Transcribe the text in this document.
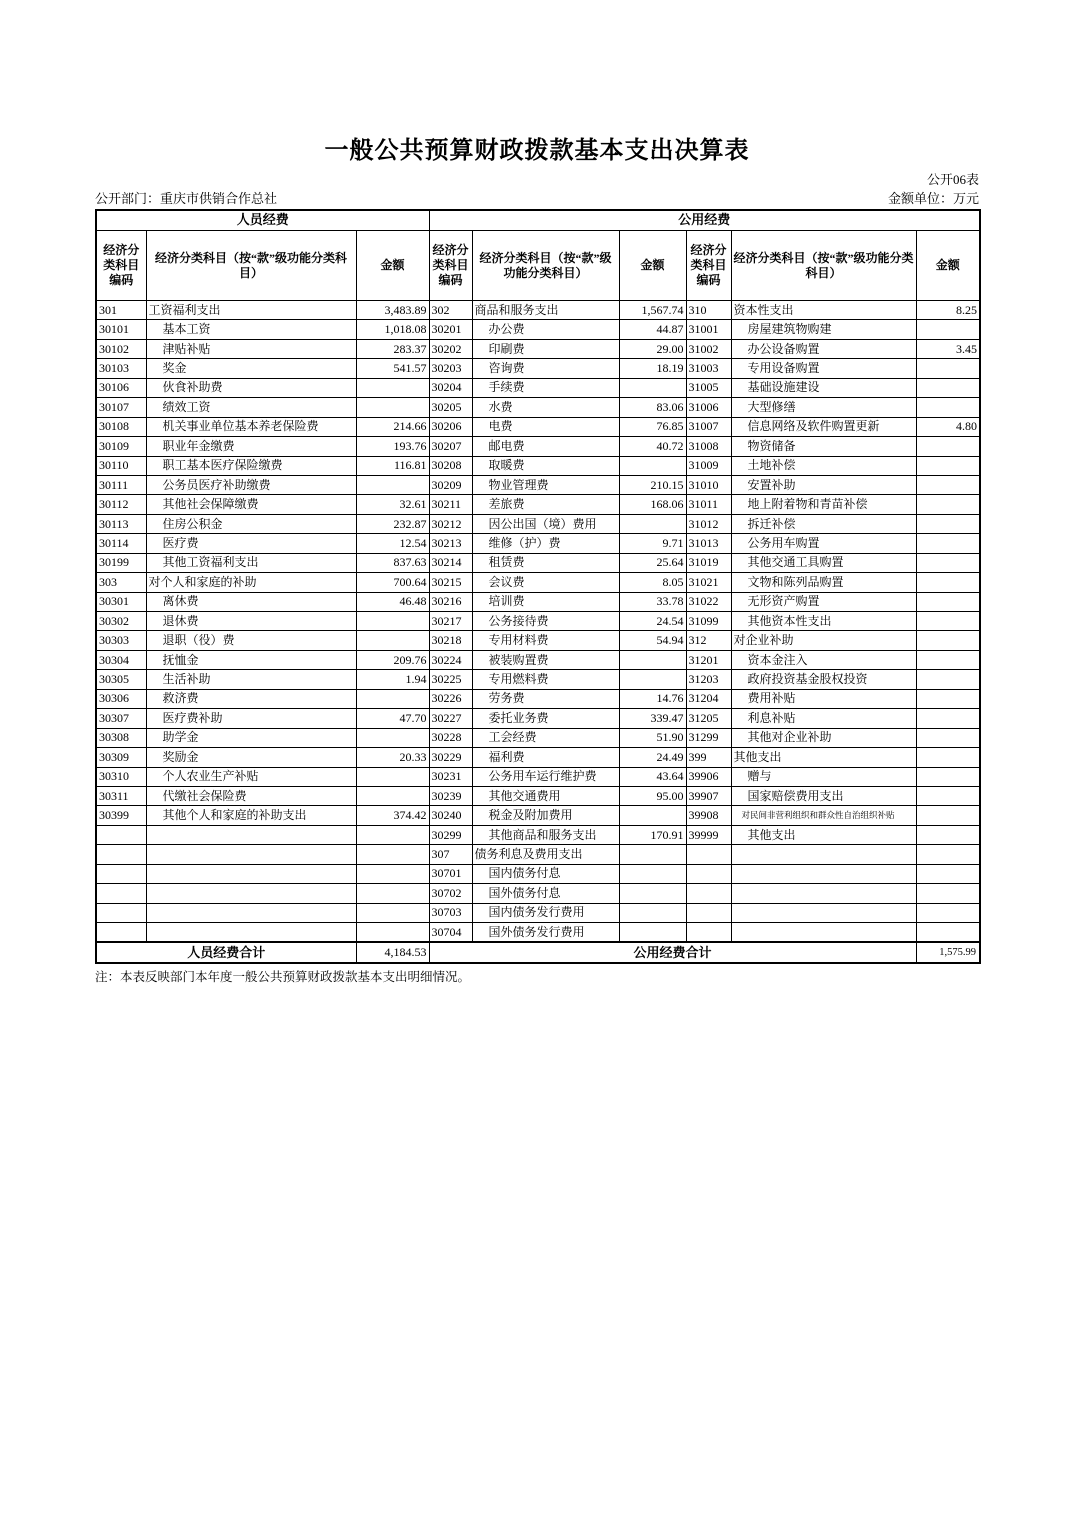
一般公共预算财政拨款基本支出决算表
公开06表
公开部门：重庆市供销合作总社	金额单位：万元
人员经费			公用经费					
经济分类科目编码	经济分类科目（按“款”级功能分类科目）	金额	经济分类科目编码	经济分类科目（按“款”级功能分类科目）	金额	经济分类科目编码	经济分类科目（按“款”级功能分类科目）	金额
301	工资福利支出	3,483.89	302	商品和服务支出	1,567.74	310	资本性支出	8.25
30101	基本工资	1,018.08	30201	办公费	44.87	31001	房屋建筑物购建	
30102	津贴补贴	283.37	30202	印刷费	29.00	31002	办公设备购置	3.45
30103	奖金	541.57	30203	咨询费	18.19	31003	专用设备购置	
30106	伙食补助费		30204	手续费		31005	基础设施建设	
30107	绩效工资		30205	水费	83.06	31006	大型修缮	
30108	机关事业单位基本养老保险费	214.66	30206	电费	76.85	31007	信息网络及软件购置更新	4.80
30109	职业年金缴费	193.76	30207	邮电费	40.72	31008	物资储备	
30110	职工基本医疗保险缴费	116.81	30208	取暖费		31009	土地补偿	
30111	公务员医疗补助缴费		30209	物业管理费	210.15	31010	安置补助	
30112	其他社会保障缴费	32.61	30211	差旅费	168.06	31011	地上附着物和青苗补偿	
30113	住房公积金	232.87	30212	因公出国（境）费用		31012	拆迁补偿	
30114	医疗费	12.54	30213	维修（护）费	9.71	31013	公务用车购置	
30199	其他工资福利支出	837.63	30214	租赁费	25.64	31019	其他交通工具购置	
303	对个人和家庭的补助	700.64	30215	会议费	8.05	31021	文物和陈列品购置	
30301	离休费	46.48	30216	培训费	33.78	31022	无形资产购置	
30302	退休费		30217	公务接待费	24.54	31099	其他资本性支出	
30303	退职（役）费		30218	专用材料费	54.94	312	对企业补助	
30304	抚恤金	209.76	30224	被装购置费		31201	资本金注入	
30305	生活补助	1.94	30225	专用燃料费		31203	政府投资基金股权投资	
30306	救济费		30226	劳务费	14.76	31204	费用补贴	
30307	医疗费补助	47.70	30227	委托业务费	339.47	31205	利息补贴	
30308	助学金		30228	工会经费	51.90	31299	其他对企业补助	
30309	奖励金	20.33	30229	福利费	24.49	399	其他支出	
30310	个人农业生产补贴		30231	公务用车运行维护费	43.64	39906	赠与	
30311	代缴社会保险费		30239	其他交通费用	95.00	39907	国家赔偿费用支出	
30399	其他个人和家庭的补助支出	374.42	30240	税金及附加费用		39908	对民间非营利组织和群众性自治组织补贴	
			30299	其他商品和服务支出	170.91	39999	其他支出	
			307	债务利息及费用支出				
			30701	国内债务付息				
			30702	国外债务付息				
			30703	国内债务发行费用				
			30704	国外债务发行费用				
人员经费合计		4,184.53	公用经费合计					1,575.99
注：本表反映部门本年度一般公共预算财政拨款基本支出明细情况。
